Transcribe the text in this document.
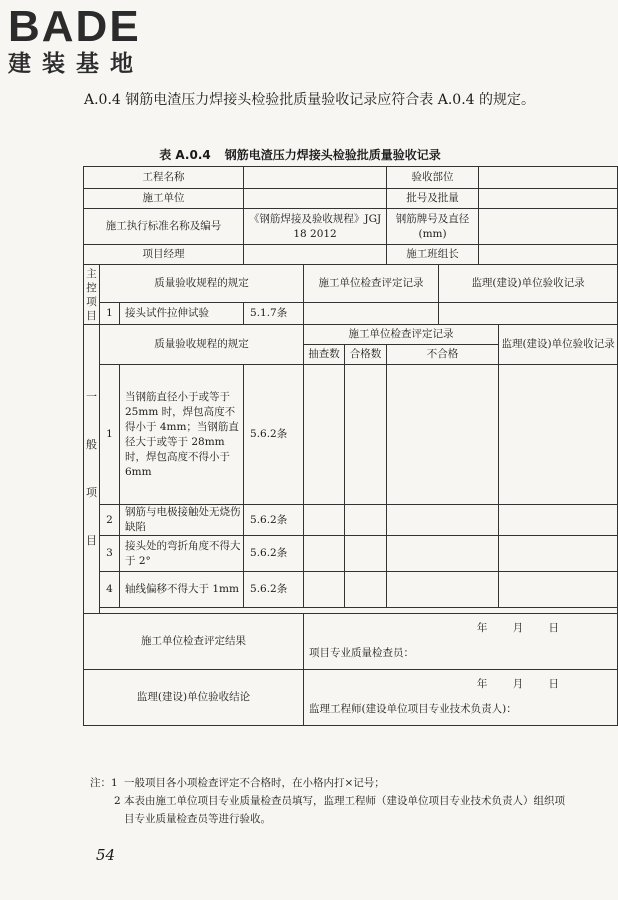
BADE
建装基地
A.0.4 钢筋电渣压力焊接头检验批质量验收记录应符合表 A.0.4 的规定。
表 A.0.4 钢筋电渣压力焊接头检验批质量验收记录
工程名称						验收部位			
施工单位						批号及批量			
施工执行标准名称及编号			《钢筋焊接及验收规程》JGJ 18 2012			钢筋牌号及直径(mm)			
项目经理						施工班组长			

主控项目	质量验收规程的规定			施工单位检查评定记录			监理(建设)单位验收记录		
	1	接头试件拉伸试验	5.1.7条						
一般项目	质量验收规程的规定			施工单位检查评定记录					监理(建设)单位验收记录
				抽查数	合格数	不合格			
	1	当钢筋直径小于或等于 25mm 时，焊包高度不得小于 4mm；当钢筋直径大于或等于 28mm 时，焊包高度不得小于 6mm	5.6.2条					

	2	钢筋与电极接触处无烧伤缺陷	5.6.2条					

	3	接头处的弯折角度不得大于 2°	5.6.2条					

	4	轴线偏移不得大于 1mm	5.6.2条					

施工单位检查评定结果				项目专业质量检查员：
年 月 日					

监理(建设)单位验收结论				监理工程师(建设单位项目专业技术负责人)：
年 月 日					
注：1 一般项目各小项检查评定不合格时，在小格内打×记号；
2 本表由施工单位项目专业质量检查员填写，监理工程师（建设单位项目专业技术负责人）组织项目专业质量检查员等进行验收。
54
